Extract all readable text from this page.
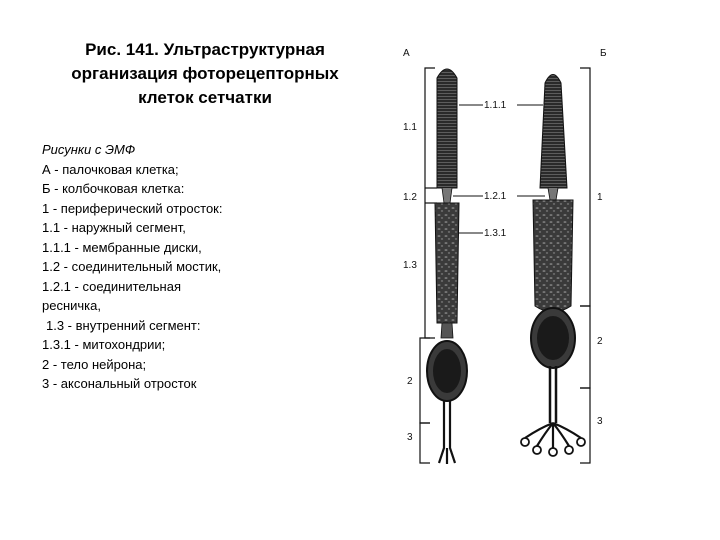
Рис. 141. Ультраструктурная
организация фоторецепторных
клеток сетчатки
Рисунки с ЭМФ
А - палочковая клетка;
Б - колбочковая клетка:
1 - периферический отросток:
1.1 - наружный сегмент,
1.1.1 - мембранные диски,
1.2 - соединительный мостик,
1.2.1 - соединительная
ресничка,
1.3 - внутренний сегмент:
1.3.1 - митохондрии;
2 - тело нейрона;
3 - аксональный отросток
А	Б
1.1
1.2
1.3
2
3
1
2
3
1.1.1
1.2.1
1.3.1
